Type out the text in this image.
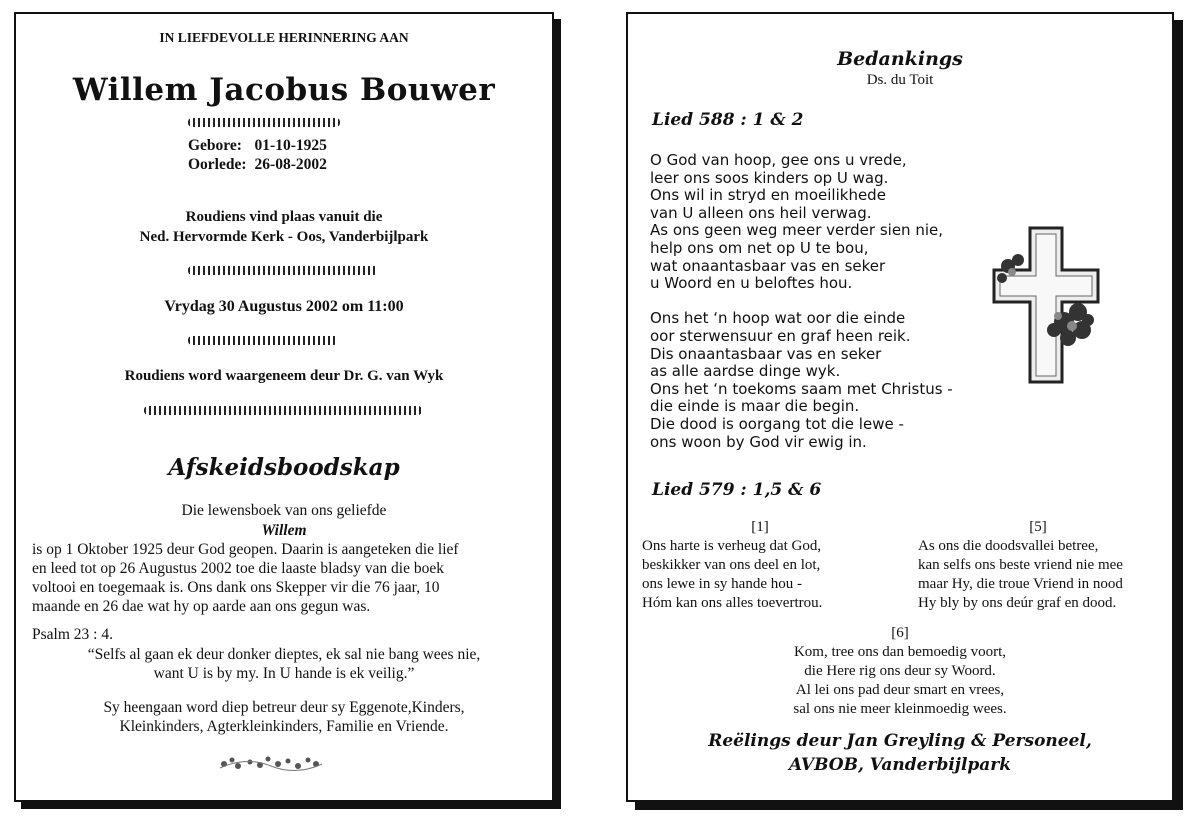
IN LIEFDEVOLLE HERINNERING AAN
Willem Jacobus Bouwer
Gebore:	01-10-1925
Oorlede:	26-08-2002
Roudiens vind plaas vanuit die
Ned. Hervormde Kerk - Oos, Vanderbijlpark
Vrydag 30 Augustus 2002 om 11:00
Roudiens word waargeneem deur Dr. G. van Wyk
Afskeidsboodskap
Die lewensboek van ons geliefde
Willem
is op 1 Oktober 1925 deur God geopen. Daarin is aangeteken die lief
en leed tot op 26 Augustus 2002 toe die laaste bladsy van die boek
voltooi en toegemaak is. Ons dank ons Skepper vir die 76 jaar, 10
maande en 26 dae wat hy op aarde aan ons gegun was.
Psalm 23 : 4.
“Selfs al gaan ek deur donker dieptes, ek sal nie bang wees nie,
want U is by my. In U hande is ek veilig.”
Sy heengaan word diep betreur deur sy Eggenote,Kinders,
Kleinkinders, Agterkleinkinders, Familie en Vriende.
Bedankings
Ds. du Toit
Lied 588 : 1 & 2

O God van hoop, gee ons u vrede,

leer ons soos kinders op U wag.

Ons wil in stryd en moeilikhede

van U alleen ons heil verwag.

As ons geen weg meer verder sien nie,

help ons om net op U te bou,

wat onaantasbaar vas en seker

u Woord en u beloftes hou.

Ons het ‘n hoop wat oor die einde

oor sterwensuur en graf heen reik.

Dis onaantasbaar vas en seker

as alle aardse dinge wyk.

Ons het ‘n toekoms saam met Christus -

die einde is maar die begin.

Die dood is oorgang tot die lewe -

ons woon by God vir ewig in.

Lied 579 : 1,5 & 6
[1]
Ons harte is verheug dat God,
beskikker van ons deel en lot,
ons lewe in sy hande hou -
Hóm kan ons alles toevertrou.
[5]
As ons die doodsvallei betree,
kan selfs ons beste vriend nie mee
maar Hy, die troue Vriend in nood
Hy bly by ons deúr graf en dood.
[6]
Kom, tree ons dan bemoedig voort,
die Here rig ons deur sy Woord.
Al lei ons pad deur smart en vrees,
sal ons nie meer kleinmoedig wees.
Reëlings deur Jan Greyling & Personeel,
AVBOB, Vanderbijlpark
